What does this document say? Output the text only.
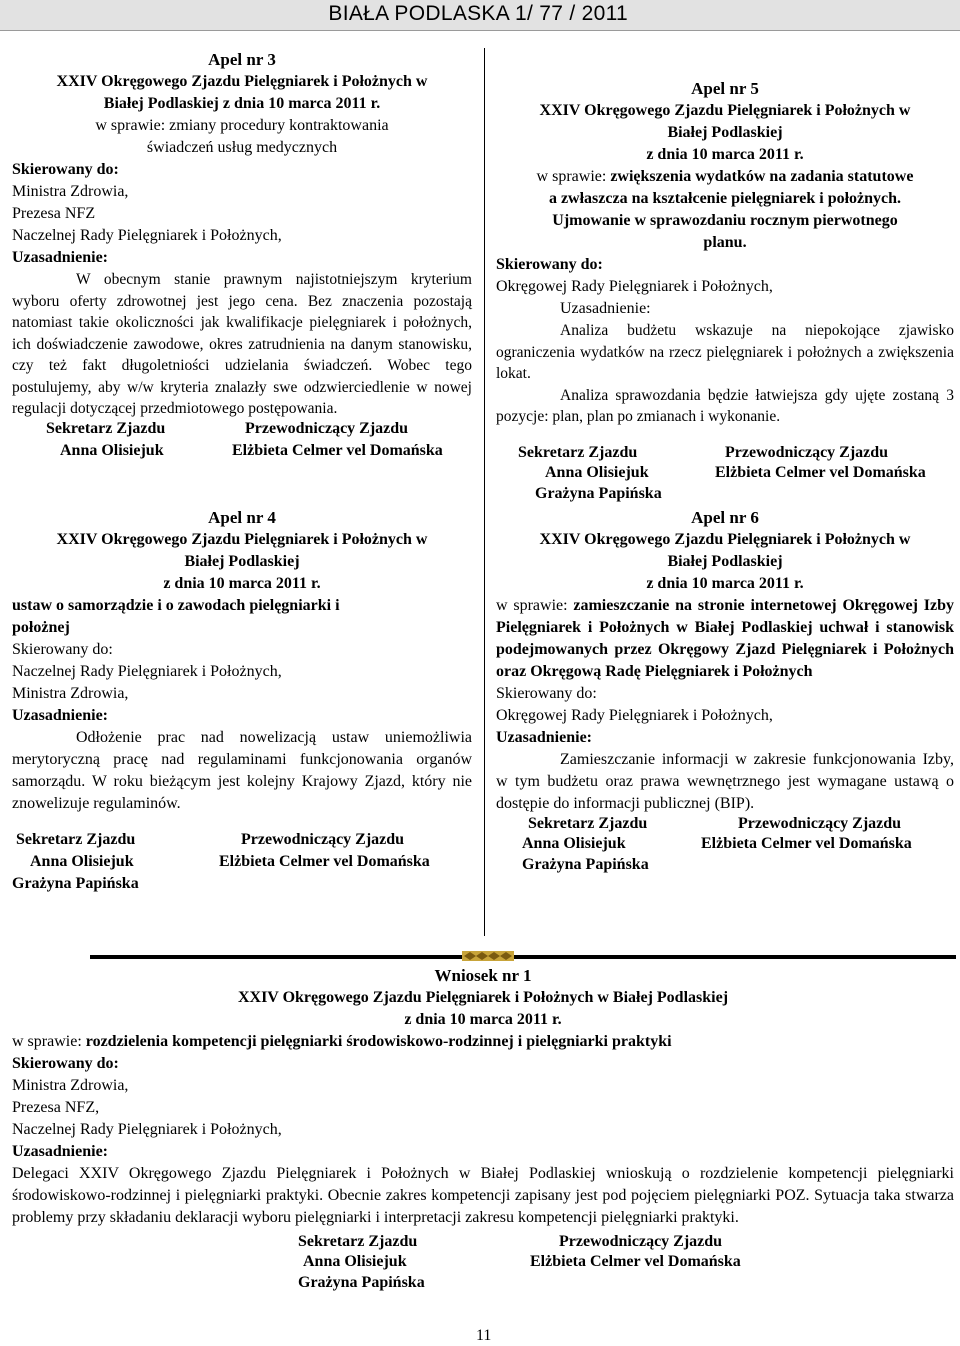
BIAŁA PODLASKA 1/ 77 / 2011
Apel nr 3
XXIV Okręgowego Zjazdu Pielęgniarek i Położnych w
Białej Podlaskiej z dnia 10 marca 2011 r.
w sprawie: zmiany procedury kontraktowania
świadczeń usług medycznych
Skierowany do:
Ministra Zdrowia,
Prezesa NFZ
Naczelnej Rady Pielęgniarek i Położnych,
Uzasadnienie:
W obecnym stanie prawnym najistotniejszym kryterium wyboru oferty zdrowotnej jest jego cena. Bez znaczenia pozostają natomiast takie okoliczności jak kwalifikacje pielęgniarek i położnych, ich doświadczenie zawodowe, okres zatrudnienia na danym stanowisku, czy też fakt długoletniości udzielania świadczeń. Wobec tego postulujemy, aby w/w kryteria znalazły swe odzwierciedlenie w nowej regulacji dotyczącej przedmiotowego postępowania.
Sekretarz Zjazdu
Anna Olisiejuk
Przewodniczący Zjazdu
Elżbieta Celmer vel Domańska
Apel nr 4
XXIV Okręgowego Zjazdu Pielęgniarek i Położnych w
Białej Podlaskiej
z dnia 10 marca 2011 r.
ustaw o samorządzie i o zawodach pielęgniarki i
położnej
Skierowany do:
Naczelnej Rady Pielęgniarek i Położnych,
Ministra Zdrowia,
Uzasadnienie:
Odłożenie prac nad nowelizacją ustaw uniemożliwia merytoryczną pracę nad regulaminami funkcjonowania organów samorządu. W roku bieżącym jest kolejny Krajowy Zjazd, który nie znowelizuje regulaminów.
Sekretarz Zjazdu
Anna Olisiejuk
Grażyna Papińska
Przewodniczący Zjazdu
Elżbieta Celmer vel Domańska
Apel nr 5
XXIV Okręgowego Zjazdu Pielęgniarek i Położnych w
Białej Podlaskiej
z dnia 10 marca 2011 r.
w sprawie: zwiększenia wydatków na zadania statutowe
a zwłaszcza na kształcenie pielęgniarek i położnych.
Ujmowanie w sprawozdaniu rocznym pierwotnego
planu.
Skierowany do:
Okręgowej Rady Pielęgniarek i Położnych,
Uzasadnienie:
Analiza budżetu wskazuje na niepokojące zjawisko ograniczenia wydatków na rzecz pielęgniarek i położnych a zwiększenia lokat.
Analiza sprawozdania będzie łatwiejsza gdy ujęte zostaną 3 pozycje: plan, plan po zmianach i wykonanie.
Sekretarz Zjazdu
Anna Olisiejuk
Grażyna Papińska
Przewodniczący Zjazdu
Elżbieta Celmer vel Domańska
Apel nr 6
XXIV Okręgowego Zjazdu Pielęgniarek i Położnych w
Białej Podlaskiej
z dnia 10 marca 2011 r.
w sprawie: zamieszczanie na stronie internetowej Okręgowej Izby Pielęgniarek i Położnych w Białej Podlaskiej uchwał i stanowisk podejmowanych przez Okręgowy Zjazd Pielęgniarek i Położnych oraz Okręgową Radę Pielęgniarek i Położnych
Skierowany do:
Okręgowej Rady Pielęgniarek i Położnych,
Uzasadnienie:
Zamieszczanie informacji w zakresie funkcjonowania Izby, w tym budżetu oraz prawa wewnętrznego jest wymagane ustawą o dostępie do informacji publicznej (BIP).
Sekretarz Zjazdu
Anna Olisiejuk
Grażyna Papińska
Przewodniczący Zjazdu
Elżbieta Celmer vel Domańska
Wniosek nr 1
XXIV Okręgowego Zjazdu Pielęgniarek i Położnych w Białej Podlaskiej
z dnia 10 marca 2011 r.
w sprawie: rozdzielenia kompetencji pielęgniarki środowiskowo-rodzinnej i pielęgniarki praktyki
Skierowany do:
Ministra Zdrowia,
Prezesa NFZ,
Naczelnej Rady Pielęgniarek i Położnych,
Uzasadnienie:
Delegaci XXIV Okręgowego Zjazdu Pielęgniarek i Położnych w Białej Podlaskiej wnioskują o rozdzielenie kompetencji pielęgniarki środowiskowo-rodzinnej i pielęgniarki praktyki. Obecnie zakres kompetencji zapisany jest pod pojęciem pielęgniarki POZ. Sytuacja taka stwarza problemy przy składaniu deklaracji wyboru pielęgniarki i interpretacji zakresu kompetencji pielęgniarki praktyki.
Sekretarz Zjazdu
Anna Olisiejuk
Grażyna Papińska
Przewodniczący Zjazdu
Elżbieta Celmer vel Domańska
11
